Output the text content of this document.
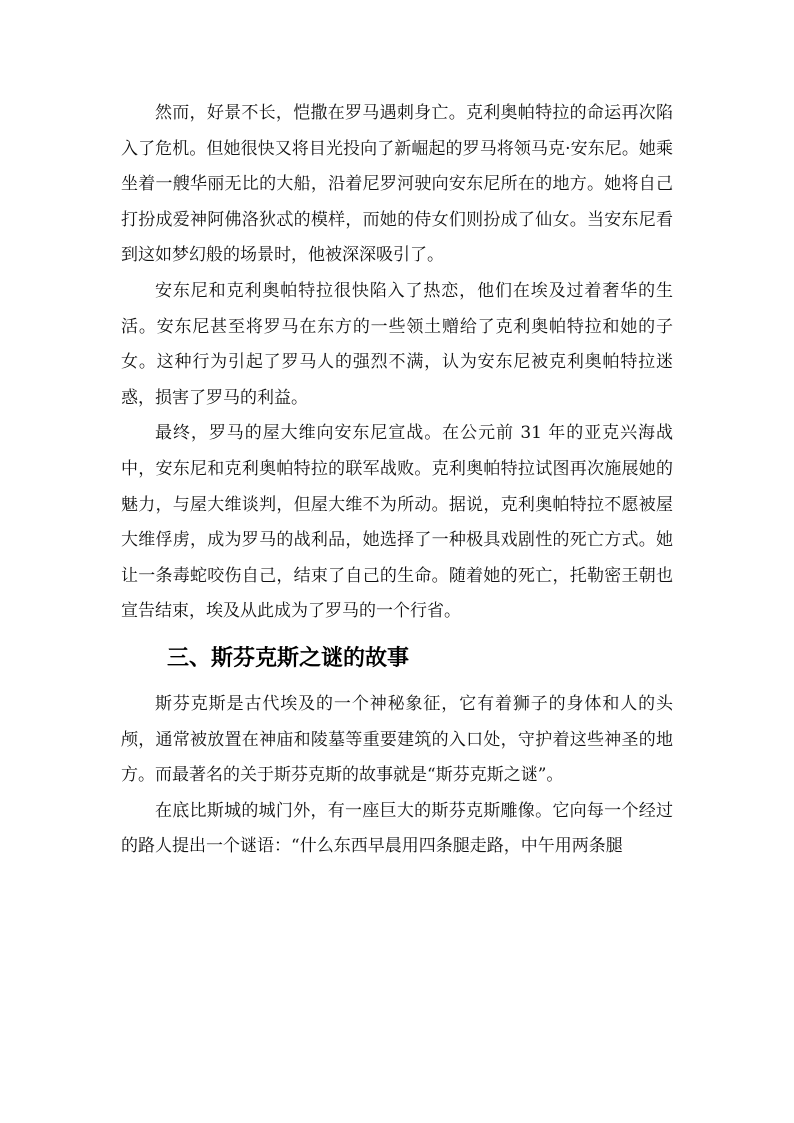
然而，好景不长，恺撒在罗马遇刺身亡。克利奥帕特拉的命运再次陷入了危机。但她很快又将目光投向了新崛起的罗马将领马克·安东尼。她乘坐着一艘华丽无比的大船，沿着尼罗河驶向安东尼所在的地方。她将自己打扮成爱神阿佛洛狄忒的模样，而她的侍女们则扮成了仙女。当安东尼看到这如梦幻般的场景时，他被深深吸引了。

安东尼和克利奥帕特拉很快陷入了热恋，他们在埃及过着奢华的生活。安东尼甚至将罗马在东方的一些领土赠给了克利奥帕特拉和她的子女。这种行为引起了罗马人的强烈不满，认为安东尼被克利奥帕特拉迷惑，损害了罗马的利益。

最终，罗马的屋大维向安东尼宣战。在公元前 31 年的亚克兴海战中，安东尼和克利奥帕特拉的联军战败。克利奥帕特拉试图再次施展她的魅力，与屋大维谈判，但屋大维不为所动。据说，克利奥帕特拉不愿被屋大维俘虏，成为罗马的战利品，她选择了一种极具戏剧性的死亡方式。她让一条毒蛇咬伤自己，结束了自己的生命。随着她的死亡，托勒密王朝也宣告结束，埃及从此成为了罗马的一个行省。

三、斯芬克斯之谜的故事

斯芬克斯是古代埃及的一个神秘象征，它有着狮子的身体和人的头颅，通常被放置在神庙和陵墓等重要建筑的入口处，守护着这些神圣的地方。而最著名的关于斯芬克斯的故事就是“斯芬克斯之谜”。

在底比斯城的城门外，有一座巨大的斯芬克斯雕像。它向每一个经过的路人提出一个谜语：“什么东西早晨用四条腿走路，中午用两条腿
